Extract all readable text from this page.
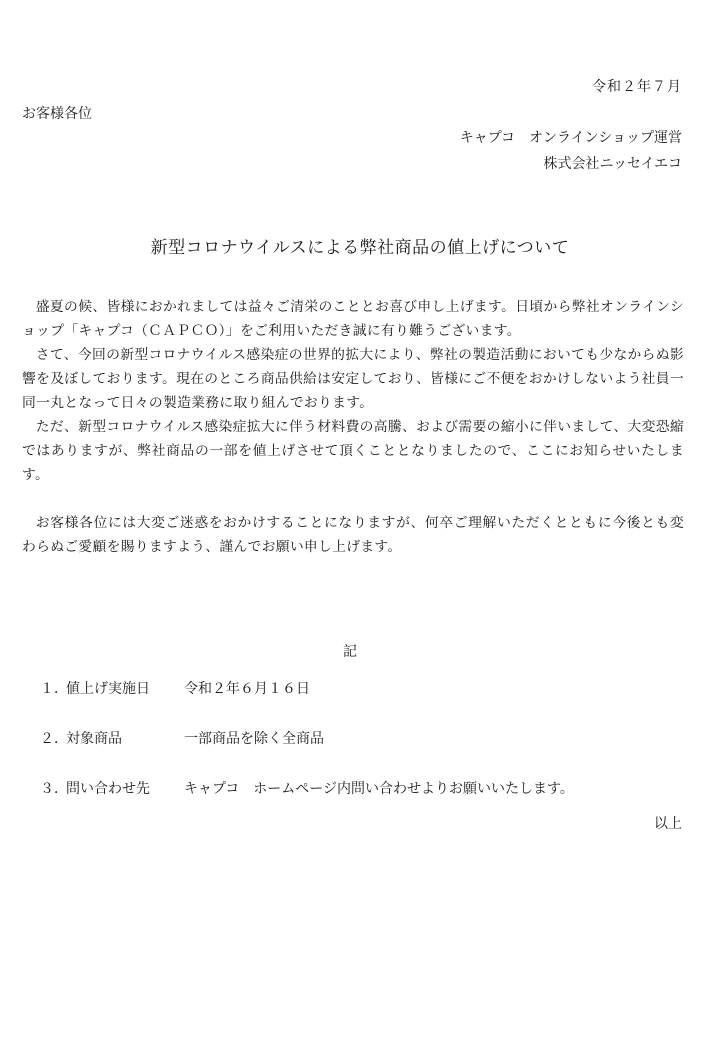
令和２年７月
お客様各位
キャプコ　オンラインショップ運営
株式会社ニッセイエコ
新型コロナウイルスによる弊社商品の値上げについて

盛夏の候、皆様におかれましては益々ご清栄のこととお喜び申し上げます。日頃から弊社オンラインショップ「キャプコ（ＣＡＰＣＯ）」をご利用いただき誠に有り難うございます。

さて、今回の新型コロナウイルス感染症の世界的拡大により、弊社の製造活動においても少なからぬ影響を及ぼしております。現在のところ商品供給は安定しており、皆様にご不便をおかけしないよう社員一同一丸となって日々の製造業務に取り組んでおります。

ただ、新型コロナウイルス感染症拡大に伴う材料費の高騰、および需要の縮小に伴いまして、大変恐縮ではありますが、弊社商品の一部を値上げさせて頂くこととなりましたので、ここにお知らせいたします。

お客様各位には大変ご迷惑をおかけすることになりますが、何卒ご理解いただくとともに今後とも変わらぬご愛顧を賜りますよう、謹んでお願い申し上げます。

記
１．値上げ実施日 令和２年６月１６日
２．対象商品	一部商品を除く全商品
３．問い合わせ先 キャプコ　ホームページ内問い合わせよりお願いいたします。
以上
